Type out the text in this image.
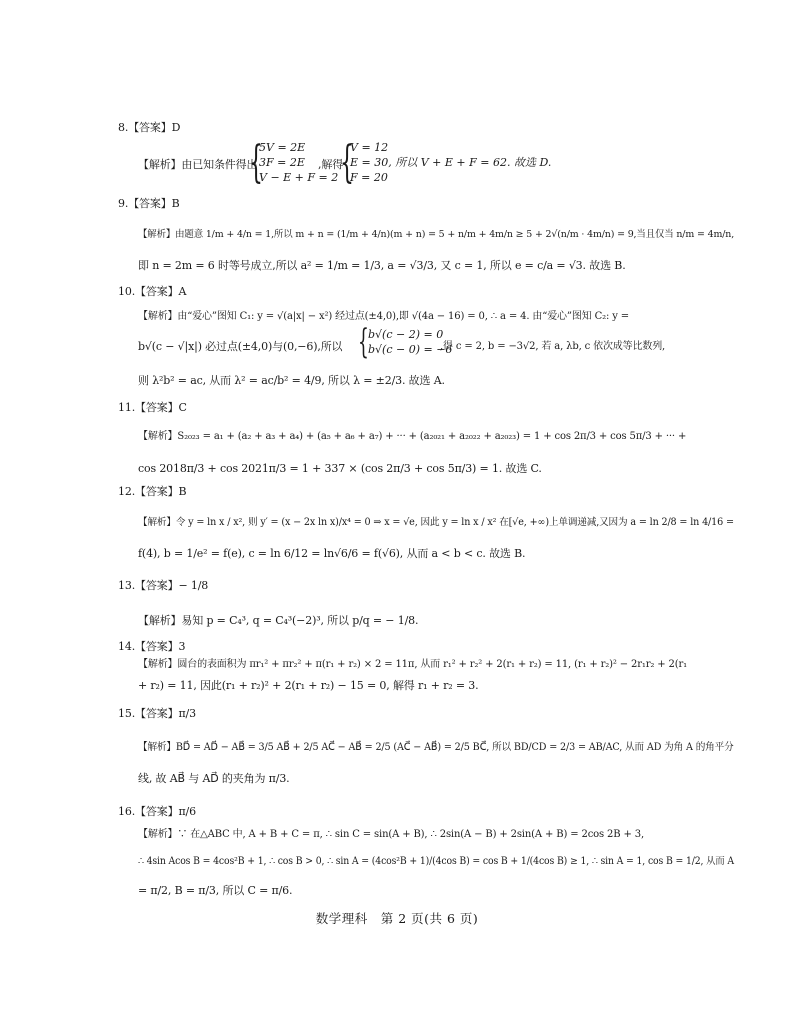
8.【答案】D
【解析】由已知条件得出
{
5V = 2E
3F = 2E
V − E + F = 2
,解得
{
V = 12
E = 30, 所以 V + E + F = 62. 故选 D.
F = 20
9.【答案】B
【解析】由题意 1/m + 4/n = 1,所以 m + n = (1/m + 4/n)(m + n) = 5 + n/m + 4m/n ≥ 5 + 2√(n/m · 4m/n) = 9,当且仅当 n/m = 4m/n,
即 n = 2m = 6 时等号成立,所以 a² = 1/m = 1/3, a = √3/3, 又 c = 1, 所以 e = c/a = √3. 故选 B.
10.【答案】A
【解析】由“爱心”图知 C₁: y = √(a|x| − x²) 经过点(±4,0),即 √(4a − 16) = 0, ∴ a = 4. 由“爱心”图知 C₂: y =
b√(c − √|x|) 必过点(±4,0)与(0,−6),所以 { b√(c − 2) = 0
b√(c − 0) = −6
,得 c = 2, b = −3√2, 若 a, λb, c 依次成等比数列,
则 λ²b² = ac, 从而 λ² = ac/b² = 4/9, 所以 λ = ±2/3. 故选 A.
11.【答案】C
【解析】S₂₀₂₃ = a₁ + (a₂ + a₃ + a₄) + (a₅ + a₆ + a₇) + ··· + (a₂₀₂₁ + a₂₀₂₂ + a₂₀₂₃) = 1 + cos 2π/3 + cos 5π/3 + ··· +
cos 2018π/3 + cos 2021π/3 = 1 + 337 × (cos 2π/3 + cos 5π/3) = 1. 故选 C.
12.【答案】B
【解析】令 y = ln x / x², 则 y′ = (x − 2x ln x)/x⁴ = 0 ⇒ x = √e, 因此 y = ln x / x² 在[√e, +∞)上单调递减,又因为 a = ln 2/8 = ln 4/16 =
f(4), b = 1/e² = f(e), c = ln 6/12 = ln√6/6 = f(√6), 从而 a < b < c. 故选 B.
13.【答案】− 1/8
【解析】易知 p = C₄³, q = C₄³(−2)³, 所以 p/q = − 1/8.
14.【答案】3
【解析】圆台的表面积为 πr₁² + πr₂² + π(r₁ + r₂) × 2 = 11π, 从而 r₁² + r₂² + 2(r₁ + r₂) = 11, (r₁ + r₂)² − 2r₁r₂ + 2(r₁
+ r₂) = 11, 因此(r₁ + r₂)² + 2(r₁ + r₂) − 15 = 0, 解得 r₁ + r₂ = 3.
15.【答案】π/3
【解析】BD⃗ = AD⃗ − AB⃗ = 3/5 AB⃗ + 2/5 AC⃗ − AB⃗ = 2/5 (AC⃗ − AB⃗) = 2/5 BC⃗, 所以 BD/CD = 2/3 = AB/AC, 从而 AD 为角 A 的角平分
线, 故 AB⃗ 与 AD⃗ 的夹角为 π/3.
16.【答案】π/6
【解析】∵ 在△ABC 中, A + B + C = π, ∴ sin C = sin(A + B), ∴ 2sin(A − B) + 2sin(A + B) = 2cos 2B + 3,
∴ 4sin Acos B = 4cos²B + 1, ∴ cos B > 0, ∴ sin A = (4cos²B + 1)/(4cos B) = cos B + 1/(4cos B) ≥ 1, ∴ sin A = 1, cos B = 1/2, 从而 A
= π/2, B = π/3, 所以 C = π/6.
数学理科　第 2 页(共 6 页)
